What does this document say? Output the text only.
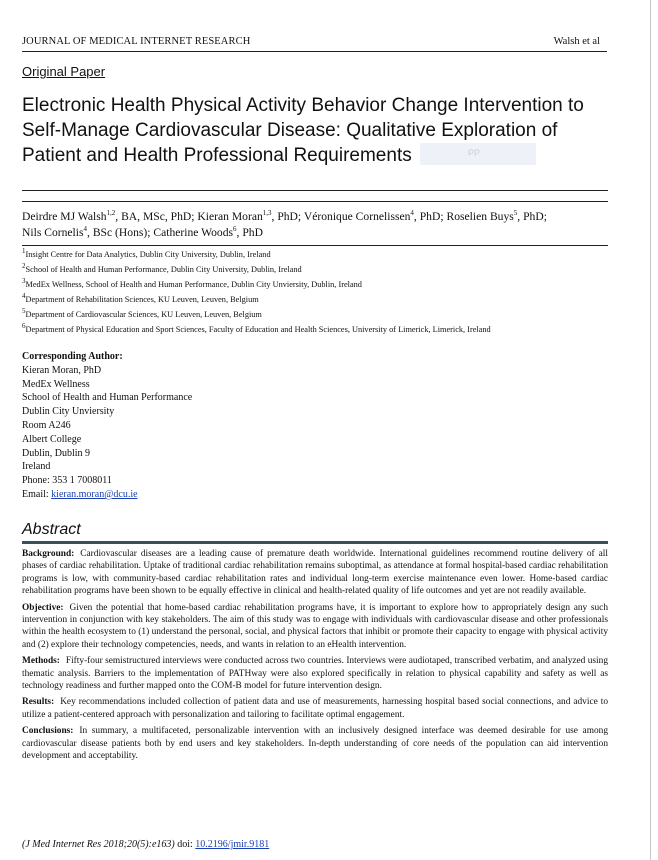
JOURNAL OF MEDICAL INTERNET RESEARCH	Walsh et al
Original Paper
PP
Electronic Health Physical Activity Behavior Change Intervention to Self-Manage Cardiovascular Disease: Qualitative Exploration of Patient and Health Professional Requirements
Deirdre MJ Walsh$^{1,2}$, BA, MSc, PhD; Kieran Moran$^{1,3}$, PhD; Véronique Cornelissen$^4$, PhD; Roselien Buys$^5$, PhD;
Nils Cornelis$^4$, BSc (Hons); Catherine Woods$^6$, PhD
$^1$Insight Centre for Data Analytics, Dublin City University, Dublin, Ireland
$^2$School of Health and Human Performance, Dublin City University, Dublin, Ireland
$^3$MedEx Wellness, School of Health and Human Performance, Dublin City Unviersity, Dublin, Ireland
$^4$Department of Rehabilitation Sciences, KU Leuven, Leuven, Belgium
$^5$Department of Cardiovascular Sciences, KU Leuven, Leuven, Belgium
$^6$Department of Physical Education and Sport Sciences, Faculty of Education and Health Sciences, University of Limerick, Limerick, Ireland
Corresponding Author:
Kieran Moran, PhD
MedEx Wellness
School of Health and Human Performance
Dublin City Unviersity
Room A246
Albert College
Dublin, Dublin 9
Ireland
Phone: 353 1 7008011
Email: kieran.moran@dcu.ie
Abstract

Background: Cardiovascular diseases are a leading cause of premature death worldwide. International guidelines recommend routine delivery of all phases of cardiac rehabilitation. Uptake of traditional cardiac rehabilitation remains suboptimal, as attendance at formal hospital-based cardiac rehabilitation programs is low, with community-based cardiac rehabilitation rates and individual long-term exercise maintenance even lower. Home-based cardiac rehabilitation programs have been shown to be equally effective in clinical and health-related quality of life outcomes and yet are not readily available.

Objective: Given the potential that home-based cardiac rehabilitation programs have, it is important to explore how to appropriately design any such intervention in conjunction with key stakeholders. The aim of this study was to engage with individuals with cardiovascular disease and other professionals within the health ecosystem to (1) understand the personal, social, and physical factors that inhibit or promote their capacity to engage with physical activity and (2) explore their technology competencies, needs, and wants in relation to an eHealth intervention.

Methods: Fifty-four semistructured interviews were conducted across two countries. Interviews were audiotaped, transcribed verbatim, and analyzed using thematic analysis. Barriers to the implementation of PATHway were also explored specifically in relation to physical capability and safety as well as technology readiness and further mapped onto the COM-B model for future intervention design.

Results: Key recommendations included collection of patient data and use of measurements, harnessing hospital based social connections, and advice to utilize a patient-centered approach with personalization and tailoring to facilitate optimal engagement.

Conclusions: In summary, a multifaceted, personalizable intervention with an inclusively designed interface was deemed desirable for use among cardiovascular disease patients both by end users and key stakeholders. In-depth understanding of core needs of the population can aid intervention development and acceptability.

(J Med Internet Res 2018;20(5):e163) doi: 10.2196/jmir.9181
